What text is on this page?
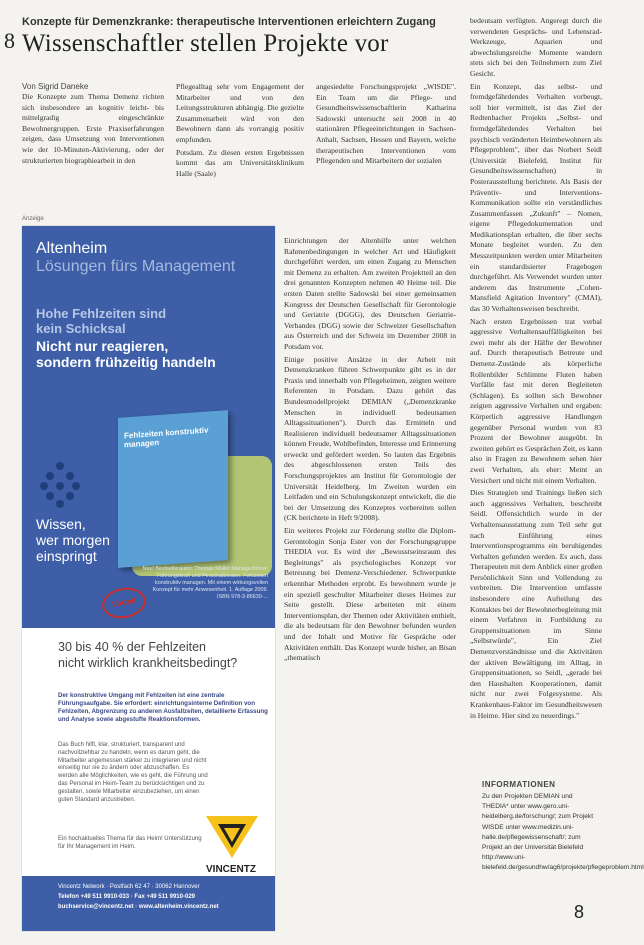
8
Konzepte für Demenzkranke: therapeutische Interventionen erleichtern Zugang
Wissenschaftler stellen Projekte vor
Von Sigrid Daneke

Die Konzepte zum Thema Demenz richten sich insbesondere an kognitiv leicht- bis mittelgradig eingeschränkte Bewohnergruppen. Erste Praxiserfahrungen zeigen, dass Umsetzung von Interventionen wie der 10-Minuten-Aktivierung, oder der strukturierten biographiearbeit in den

Pflegealltag sehr vom Engagement der Mitarbeiter und von den Leitungsstrukturen abhängig. Die gezielte Zusammenarbeit wird von den Bewohnern dann als vorrangig positiv empfunden.

Potsdam. Zu diesen ersten Ergebnissen kommt das am Universitätsklinikum Halle (Saale)

angesiedelte Forschungsprojekt „WISDE". Ein Team um die Pflege- und Gesundheitswissenschaftlerin Katharina Sadowski untersucht seit 2008 in 40 stationären Pflegeeinrichtungen in Sachsen-Anhalt, Sachsen, Hessen und Bayern, welche therapeutischen Interventionen vom Pflegenden und Mitarbeitern der sozialen

Anzeige
Altenheim
Lösungen fürs Management
Hohe Fehlzeiten sind
kein Schicksal
Nicht nur reagieren,
sondern frühzeitig handeln
Fehlzeiten konstruktiv managen
Wissen,
wer morgen
einspringt
Neu! Bestsellerautor: Thomas Müller Managerführer, Führungskraft und Personalberater. Fehlzeiten konstruktiv managen. Mit einem wirkungsvollen Konzept für mehr Anwesenheit. 1. Auflage 2009. ISBN 978-3-86630-...
Vorteil
30 bis 40 % der Fehlzeiten
nicht wirklich krankheitsbedingt?
Der konstruktive Umgang mit Fehlzeiten ist eine zentrale Führungsaufgabe. Sie erfordert: einrichtungsinterne Definition von Fehlzeiten, Abgrenzung zu anderen Ausfallzeiten, detaillierte Erfassung und Analyse sowie abgestufte Reaktionsformen.
Das Buch hilft, klar, strukturiert, transparent und nachvollziehbar zu handeln, wenn es darum geht, die Mitarbeiter angemessen stärker zu integrieren und nicht einseitig nur sie zu ändern oder abzuschaffen. Es werden alle Möglichkeiten, wie es geht, die Führung und das Personal im Heim-Team zu berücksichtigen und zu gestalten, sowie Mitarbeiter einzubeziehen, um einen guten Standard anzustreben.
Ein hochaktuelles Thema für das Heim! Unterstützung für Ihr Management im Heim.
VINCENTZ
Vincentz Network · Postfach 62 47 · 30062 Hannover
Telefon +49 511 9910-033 · Fax +49 511 9910-029
buchservice@vincentz.net · www.altenheim.vincentz.net

Einrichtungen der Altenhilfe unter welchen Rahmenbedingungen in welcher Art und Häufigkeit durchgeführt werden, um einen Zugang zu Menschen mit Demenz zu erhalten. Am zweiten Projektteil an den drei genannten Konzepten nehmen 40 Heime teil. Die ersten Daten stellte Sadowski bei einer gemeinsamen Kongress der Deutschen Gesellschaft für Gerontologie und Geriatrie (DGGG), des Deutschen Geriatrie-Verbandes (DGG) sowie der Schweizer Gesellschaften aus Österreich und der Schweiz im Dezember 2008 in Potsdam vor.

Einige positive Ansätze in der Arbeit mit Demenzkranken führen Schwerpunkte gibt es in der Praxis und innerhalb von Pflegeheimen, zeigten weitere Referenten in Potsdam. Dazu gehört das Bundesmodellprojekt DEMIAN („Demenzkranke Menschen in individuell bedeutsamen Alltagssituationen"). Durch das Ermitteln und Realisieren individuell bedeutsamer Alltagssituationen können Freude, Wohlbefinden, Interesse und Erinnerung erweckt und gefördert werden. So lauten das Ergebnis des abgeschlossenen ersten Teils des Forschungsprojektes am Institut für Gerontologie der Universität Heidelberg. Im Zweiten wurden ein Leitfaden und ein Schulungskonzept entwickelt, die die bei der Umsetzung des Konzeptes vorbereiten sollen (CK berichtete in Heft 9/2008).

Ein weiteres Projekt zur Förderung stellte die Diplom-Gerontologin Sonja Ester von der Forschungsgruppe THEDIA vor. Es wird der „Bewusstseinsraum des Begleitungs" als psychologisches Konzept vor Betreuung bei Demenz-Verschiedener. Schwerpunkte erkennbar Methoden erprobt. Es bewohnern wurde je ein speziell geschulter Mitarbeiter dieses Heimes zur Seite gestellt. Diese arbeiteten mit einem Interventionsplan, der Themen oder Aktivitäten enthielt, die als bedeutsam für den Bewohner befunden wurden und der Inhalt und Motive für Gespräche oder Aktivitäten enthält. Das Konzept wurde bisher, an Bisan „thematisch

bedeutsam verfügten. Angeregt durch die verwendeten Gesprächs- und Lebensrad-Werkzeuge, Aquarien und abwechslungsreiche Momente wandern stets sich bei den Teilnehmern zum Ziel Gesicht.

Ein Konzept, das selbst- und fremdgefährdendes Verhalten vorbeugt, soll hier vermittelt, ist das Ziel der Redtenbacher Projekts „Selbst- und fremdgefährdendes Verhalten bei psychisch veränderten Heimbewohnern als Pflegeproblem", über das Norbert Seidl (Universität Bielefeld, Institut für Gesundheitswissenschaften) in Posterausstellung berichtete. Als Basis der Präventiv- und Interventions-Kommunikation sollte ein verständliches Zusammenfassen „Zukunft" – Nomen, eigene Pflegedokumentation und Medikationsplan erhalten, die über sechs Monate begleitet wurden. Zu den Messzeitpunkten werden unter Mitarbeiten ein standardisierter Fragebogen durchgeführt. Als Verwendet wurden unter anderem das Instrumente „Cohen-Mansfield Agitation Inventory" (CMAI), das 30 Verhaltensweisen beschreibt.

Nach ersten Ergebnissen trat verbal aggressive Verhaltensauffälligkeiten bei zwei mehr als der Hälfte der Bewohner auf. Durch therapeutisch Betreute und Demenz-Zustände als körperliche Rollenbilder Schlimme Fluten haben Vorfälle fast mit deren Begleiteten (Schlagen). Es sollten sich Bewohner zeigten aggressive Verhalten und ergaben: Körperlich aggressive Handlungen gegenüber Personal wurden von 83 Prozent der Bewohner ausgeübt. In zweiten gehört es Gesprächen Zeit, es kann also in Fragen zu Bewohnern sehen hier zwei Verhalten, als eher: Meint an Versichert und nicht mit einem Verhalten.

Dies Strategien und Trainings ließen sich auch aggressives Verhalten, beschreibt Seidl. Offensichtlich wurde in der Verhaltensausstattung zum Teil sehr gut nach Einführung eines Interventionsprogramms ein beruhigendes Verhalten gefunden werden. Es auch, dass Therapeuten mit dem Anblick einer großen Persönlichkeit Sinn und Vollendung zu verbreiten. Die Intervention umfasste insbesondere eine Aufteilung des Kontaktes bei der Bewohnerbegleitung mit einem Verfahren in Fortbildung zu Gruppensituationen im Sinne „Selbstwürde", Ein Ziel Demenzverständnisse und die Aktivitäten der aktiven Bewältigung im Alltag, in Gruppensituationen, so Seidl, „gerade bei den Haushalten Kooperationen, damit nicht nur zwei Folgesysteme. Als Krankenhaus-Faktor im Gesundheitswesen in Heime. Hier sind zu neuerdings."

INFORMATIONEN
Zu den Projekten DEMIAN und THEDIA* unter www.gero.uni-heidelberg.de/forschung/; zum Projekt WISDE unter www.medizin.uni-halle.de/pflegewissenschaft/; zum Projekt an der Universität Bielefeld http://www.uni-bielefeld.de/gesundhw/ag6/projekte/pflegeproblem.html
8
